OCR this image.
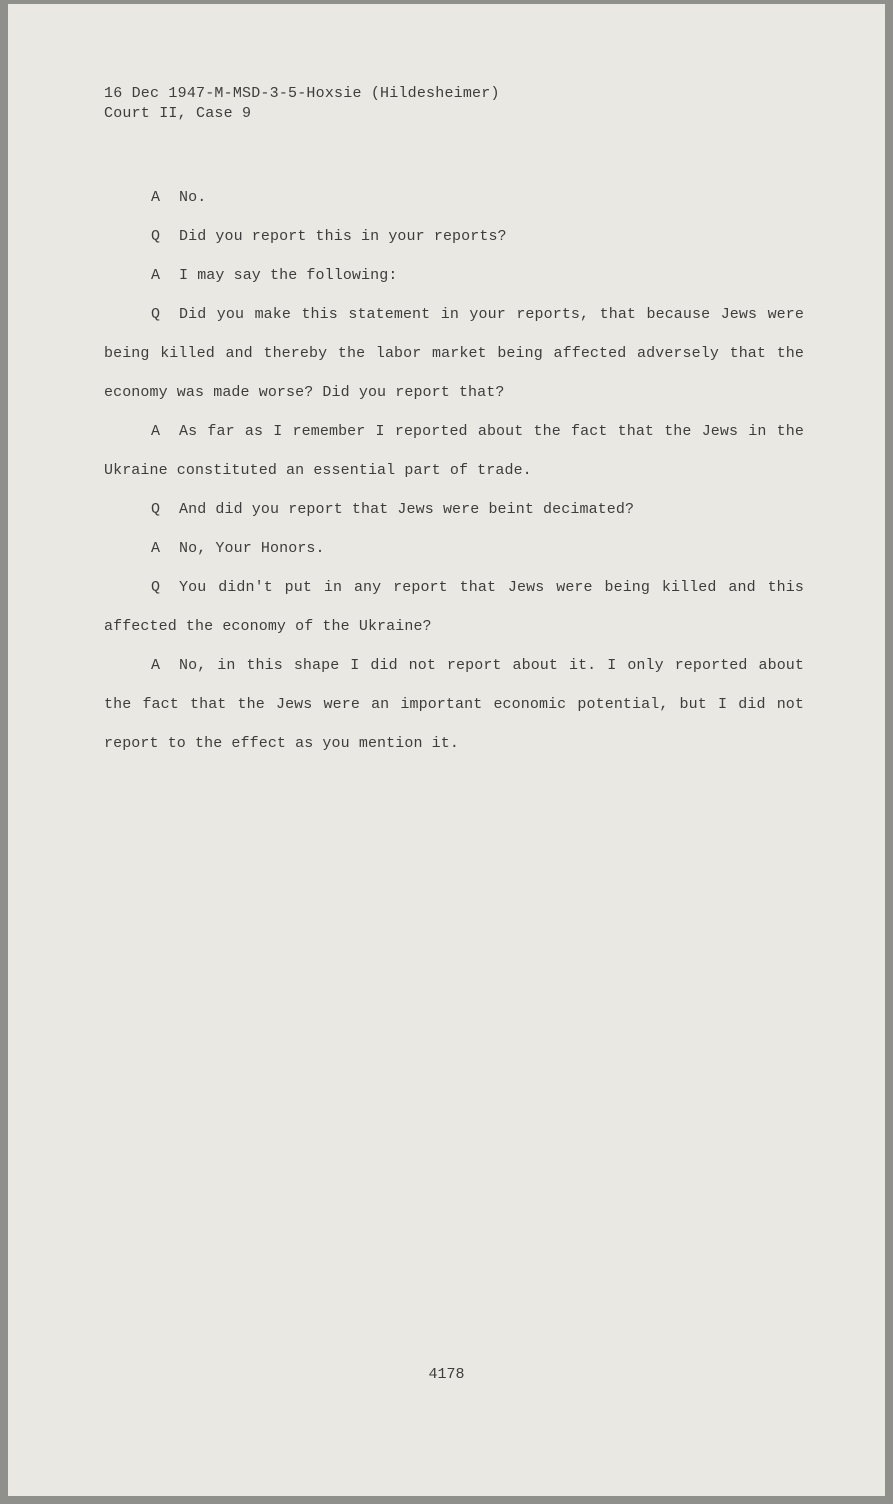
16 Dec 1947-M-MSD-3-5-Hoxsie (Hildesheimer)
Court II, Case 9

A No.

Q Did you report this in your reports?

A I may say the following:

Q Did you make this statement in your reports, that because Jews were being killed and thereby the labor market being affected adversely that the economy was made worse? Did you report that?

A As far as I remember I reported about the fact that the Jews in the Ukraine constituted an essential part of trade.

Q And did you report that Jews were beint decimated?

A No, Your Honors.

Q You didn't put in any report that Jews were being killed and this affected the economy of the Ukraine?

A No, in this shape I did not report about it. I only reported about the fact that the Jews were an important economic potential, but I did not report to the effect as you mention it.

4178
